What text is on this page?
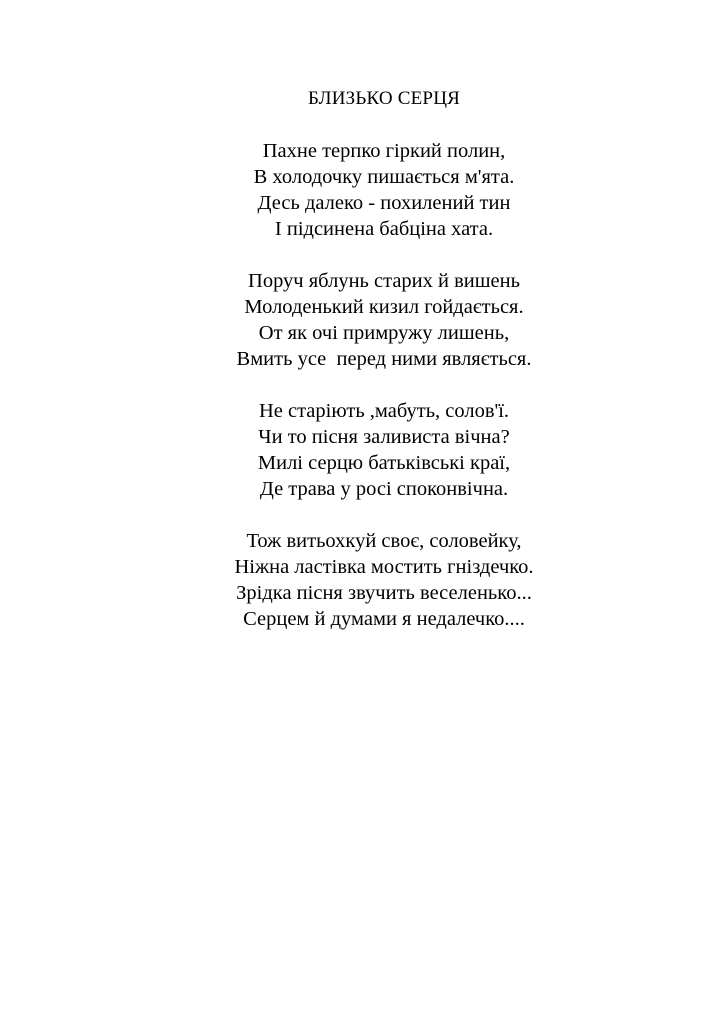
БЛИЗЬКО СЕРЦЯ
Пахне терпко гіркий полин,
В холодочку пишається м'ята.
Десь далеко - похилений тин
І підсинена бабціна хата.
Поруч яблунь старих й вишень
Молоденький кизил гойдається.
От як очі примружу лишень,
Вмить усе  перед ними являється.
Не старіють ,мабуть, солов'ї.
Чи то пісня заливиста вічна?
Милі серцю батьківські краї,
Де трава у росі споконвічна.
Тож витьохкуй своє, соловейку,
Ніжна ластівка мостить гніздечко.
Зрідка пісня звучить веселенько...
Серцем й думами я недалечко....
